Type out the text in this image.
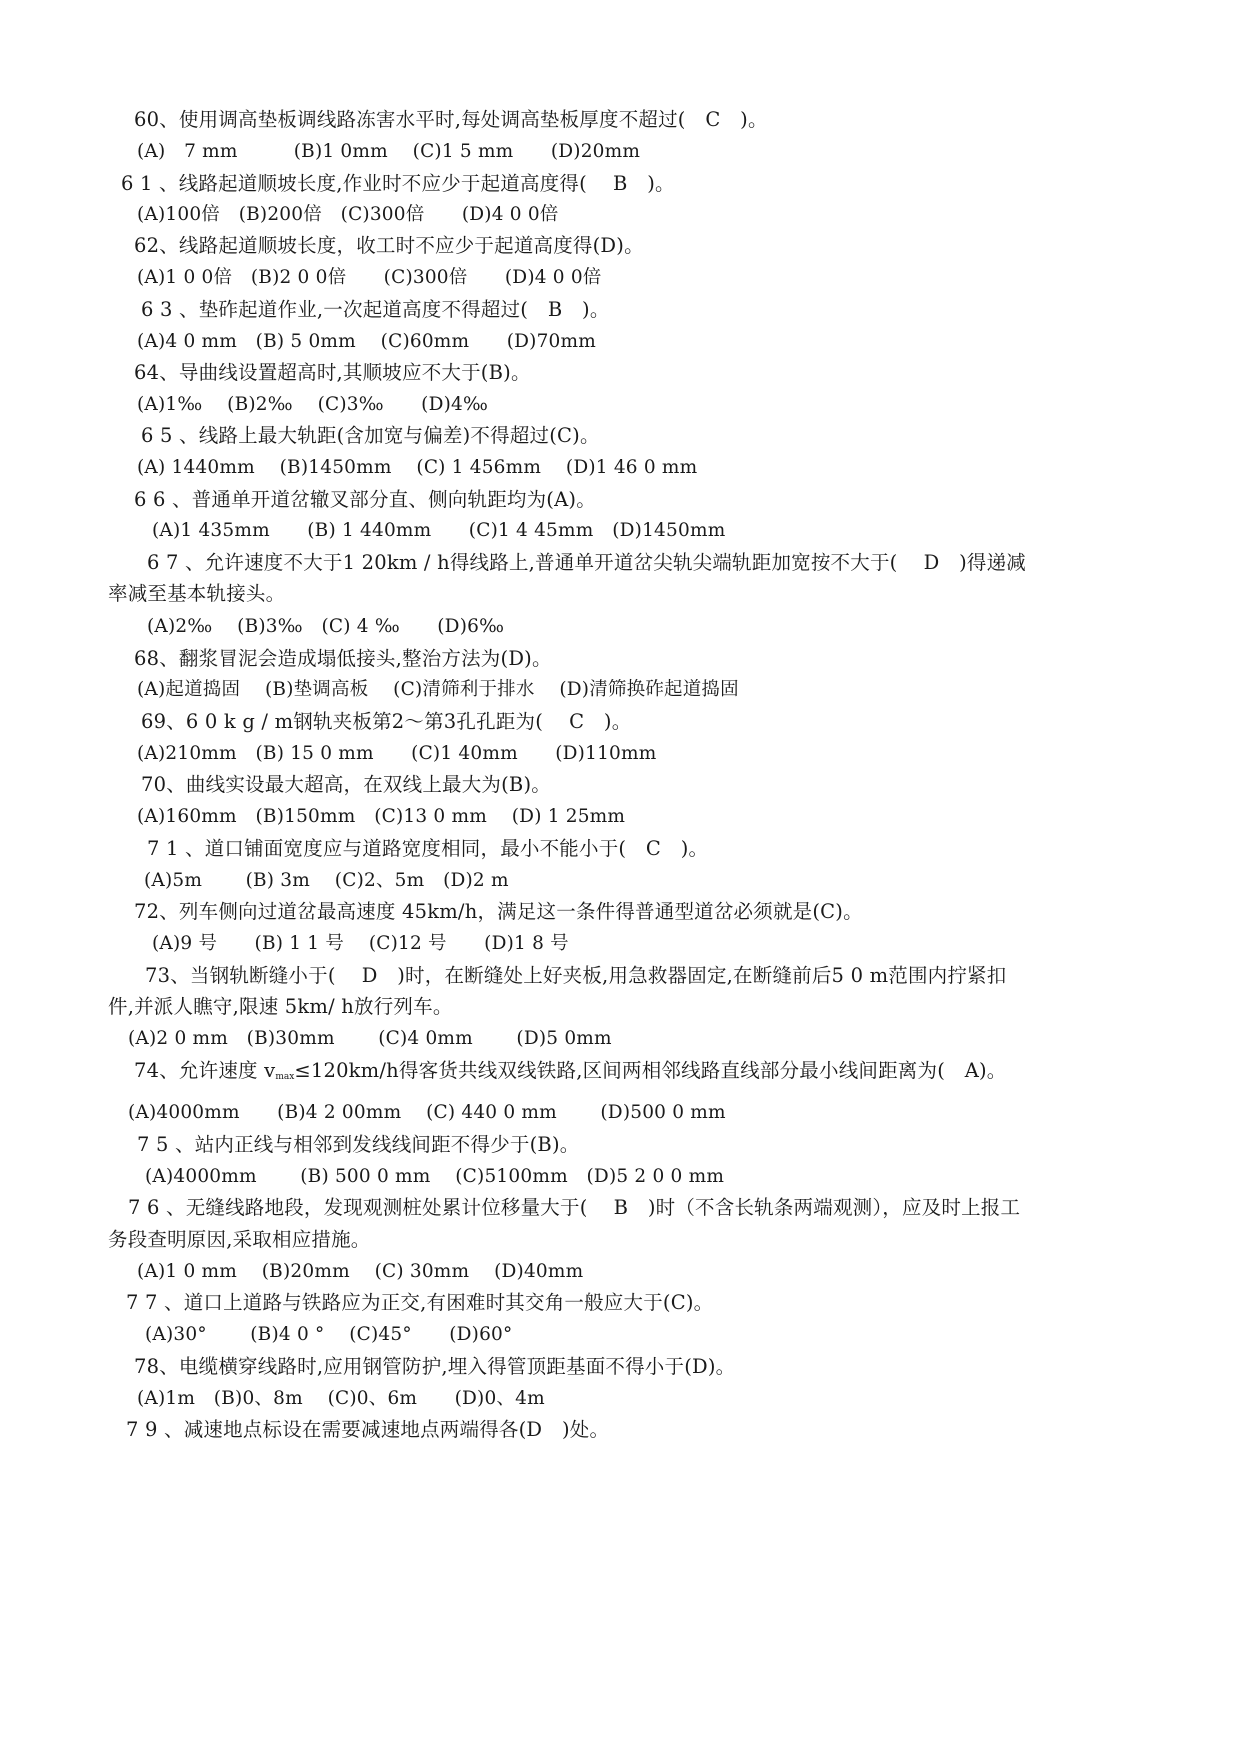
60、使用调高垫板调线路冻害水平时,每处调高垫板厚度不超过(　C　)。
(A)　7 mm　　　(B)1 0mm　 (C)1 5 mm　　(D)20mm
6 1 、线路起道顺坡长度,作业时不应少于起道高度得(　 B　)。
(A)100倍　(B)200倍　(C)300倍　　(D)4 0 0倍
62、线路起道顺坡长度，收工时不应少于起道高度得(D)。
(A)1 0 0倍　(B)2 0 0倍　　(C)300倍　　(D)4 0 0倍
6 3 、垫砟起道作业,一次起道高度不得超过(　B　)。
(A)4 0 mm　(B) 5 0mm　 (C)60mm　　(D)70mm
64、导曲线设置超高时,其顺坡应不大于(B)。
(A)1‰　 (B)2‰　 (C)3‰　　(D)4‰
6 5 、线路上最大轨距(含加宽与偏差)不得超过(C)。
(A) 1440mm　 (B)1450mm　 (C) 1 456mm　 (D)1 46 0 mm
6 6 、普通单开道岔辙叉部分直、侧向轨距均为(A)。
(A)1 435mm　　(B) 1 440mm　　(C)1 4 45mm　(D)1450mm
6 7 、允许速度不大于1 20km / h得线路上,普通单开道岔尖轨尖端轨距加宽按不大于(　 D　)得递减
率减至基本轨接头。
(A)2‰　 (B)3‰　(C) 4 ‰　　(D)6‰
68、翻浆冒泥会造成塌低接头,整治方法为(D)。
(A)起道捣固　 (B)垫调高板　 (C)清筛利于排水　 (D)清筛换砟起道捣固
69、6 0 k g / m钢轨夹板第2～第3孔孔距为(　 C　)。
(A)210mm　(B) 15 0 mm　　(C)1 40mm　　(D)110mm
70、曲线实设最大超高，在双线上最大为(B)。
(A)160mm　(B)150mm　(C)13 0 mm　 (D) 1 25mm
7 1 、道口铺面宽度应与道路宽度相同，最小不能小于(　C　)。
(A)5m　　 (B) 3m　 (C)2、5m　(D)2 m
72、列车侧向过道岔最高速度 45km/h，满足这一条件得普通型道岔必须就是(C)。
(A)9 号　　(B) 1 1 号　 (C)12 号　　(D)1 8 号
73、当钢轨断缝小于(　 D　)时，在断缝处上好夹板,用急救器固定,在断缝前后5 0 m范围内拧紧扣
件,并派人瞧守,限速 5km/ h放行列车。
(A)2 0 mm　(B)30mm　　 (C)4 0mm　　 (D)5 0mm
74、允许速度 $v_{max}\le 120km/h$得客货共线双线铁路,区间两相邻线路直线部分最小线间距离为(　A)。
(A)4000mm　　(B)4 2 00mm　 (C) 440 0 mm　　 (D)500 0 mm
7 5 、站内正线与相邻到发线线间距不得少于(B)。
(A)4000mm　　 (B) 500 0 mm　 (C)5100mm　(D)5 2 0 0 mm
7 6 、无缝线路地段，发现观测桩处累计位移量大于(　 B　)时（不含长轨条两端观测），应及时上报工
务段查明原因,采取相应措施。
(A)1 0 mm　 (B)20mm　 (C) 30mm　 (D)40mm
7 7 、道口上道路与铁路应为正交,有困难时其交角一般应大于(C)。
(A)30°　　 (B)4 0 °　 (C)45°　　(D)60°
78、电缆横穿线路时,应用钢管防护,埋入得管顶距基面不得小于(D)。
(A)1m　(B)0、8m　 (C)0、6m　　(D)0、4m
7 9 、减速地点标设在需要减速地点两端得各(D　)处。
